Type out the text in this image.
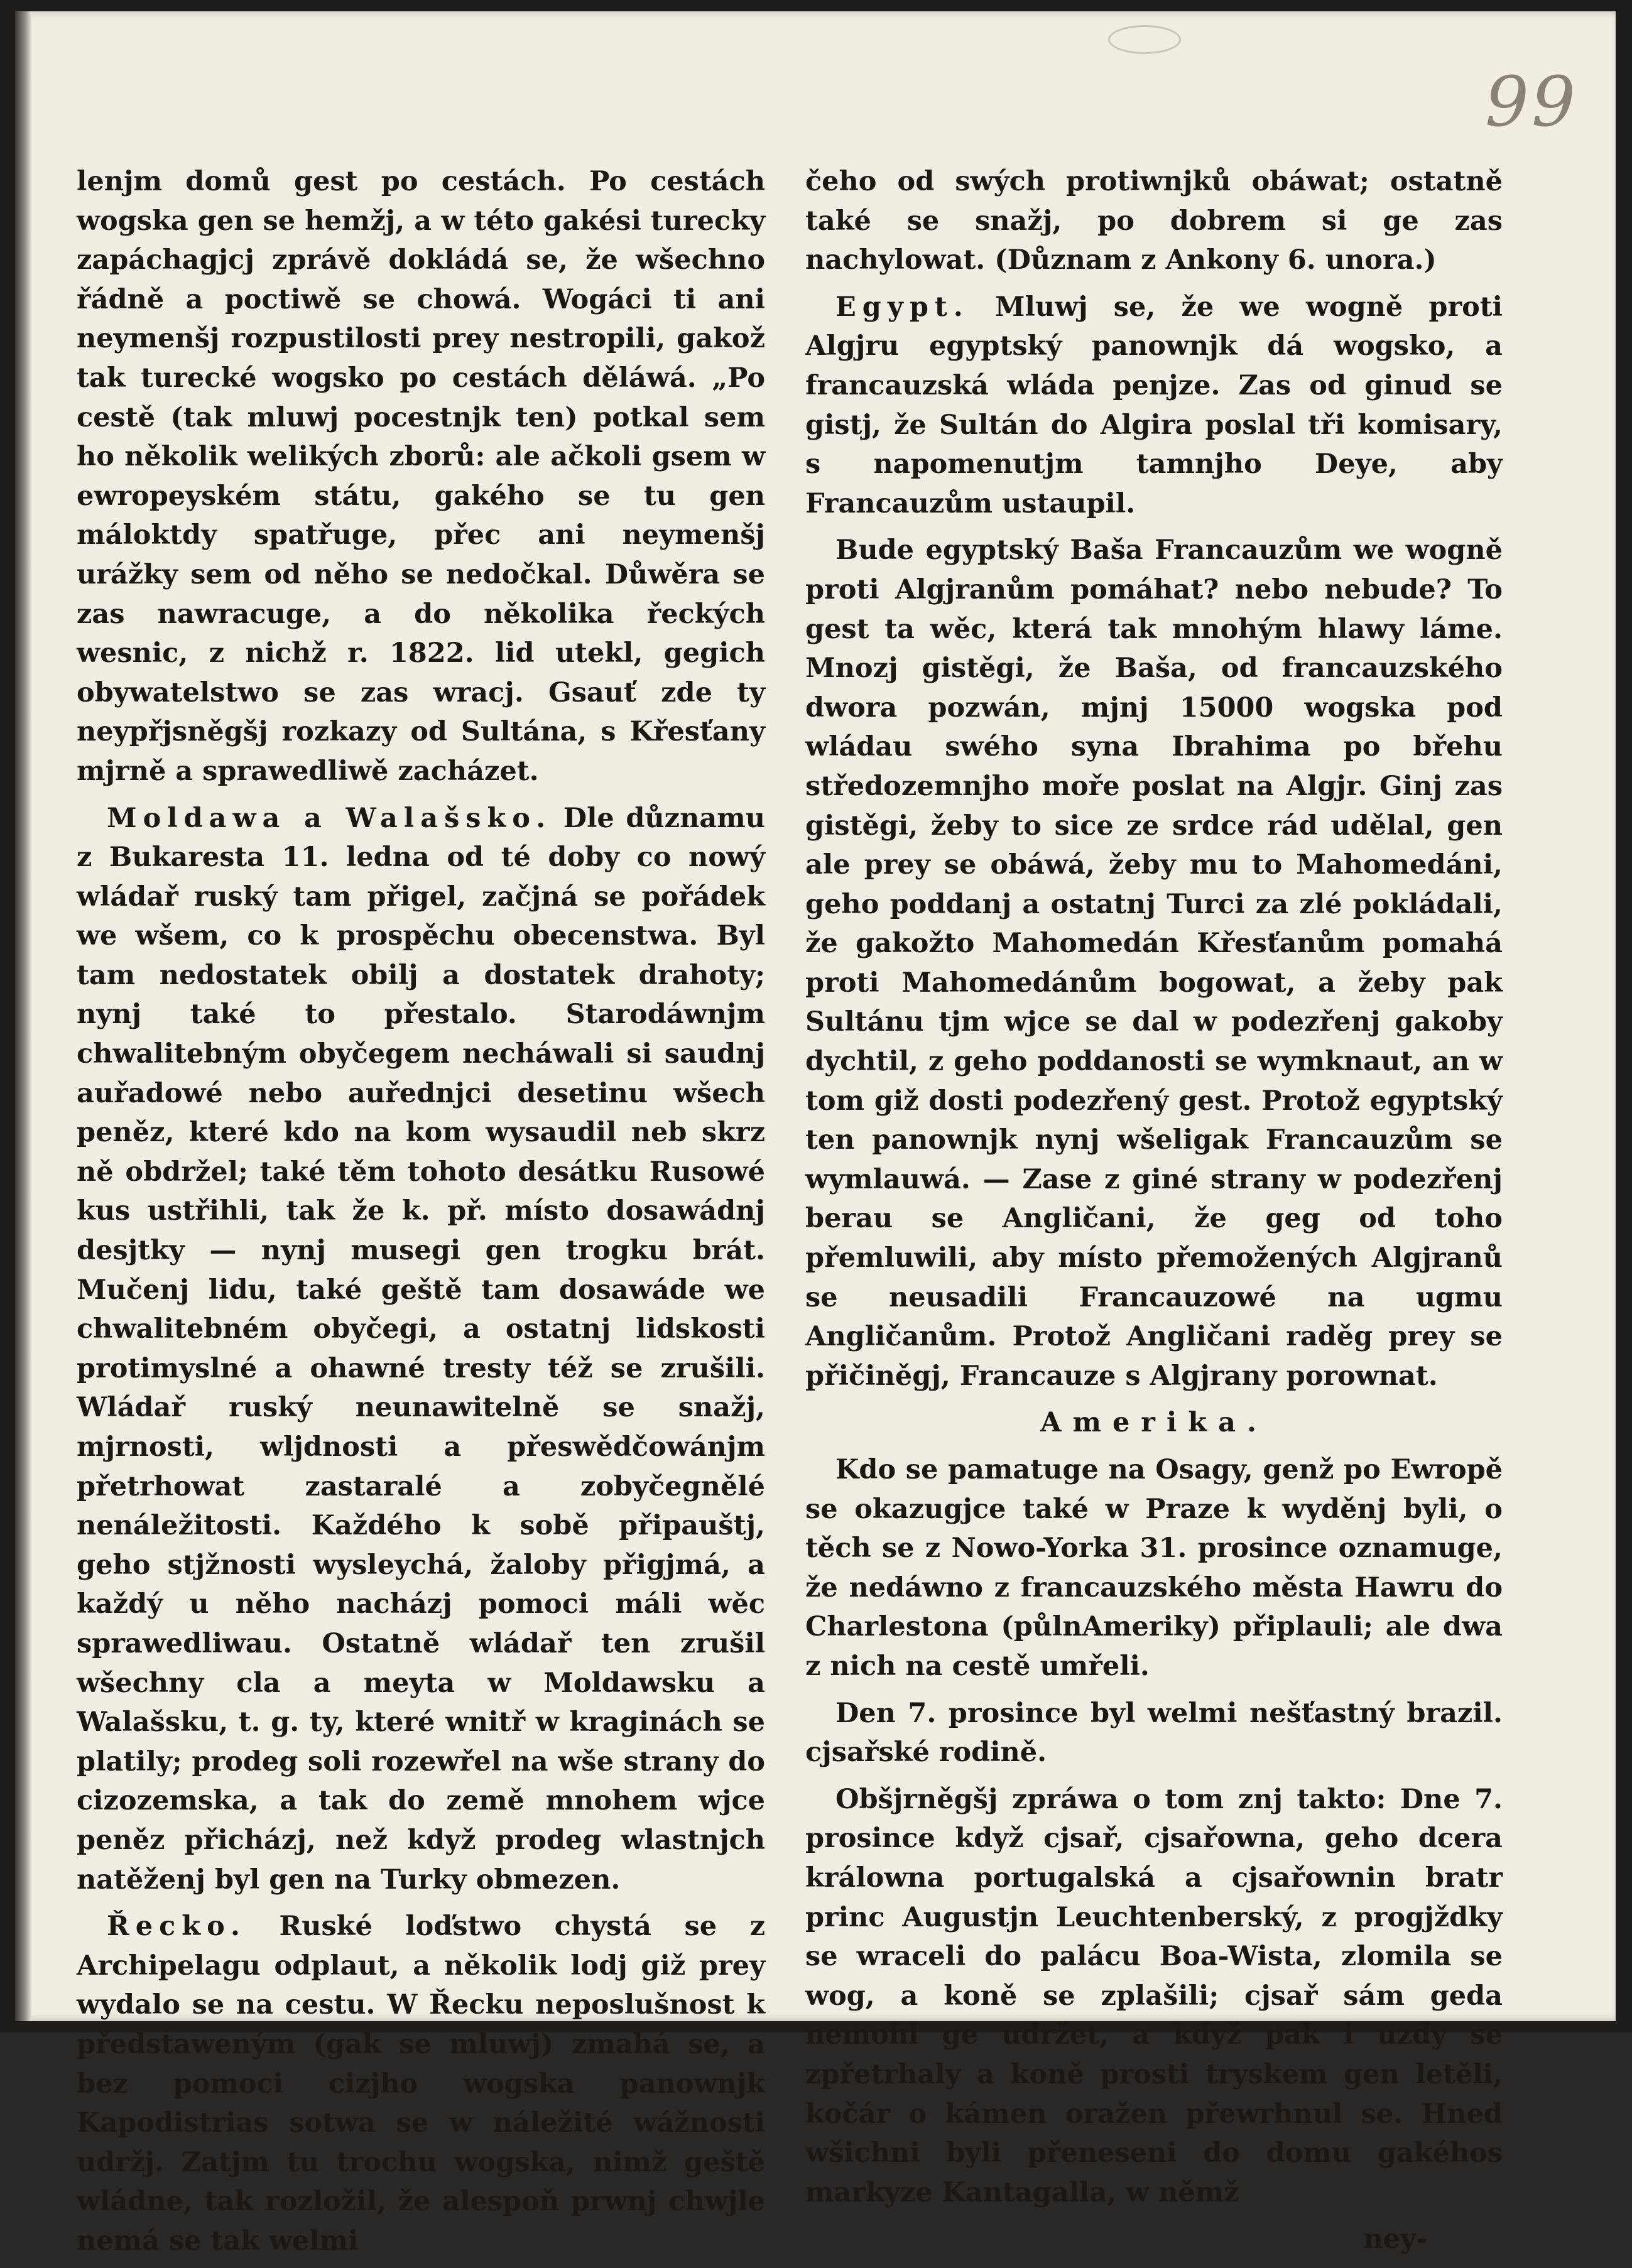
99

lenjm domů gest po cestách. Po cestách wogska gen se hemžj, a w této gakési turecky zapáchagjcj zprávě dokládá se, že wšechno řádně a poctiwě se chowá. Wogáci ti ani neymenšj rozpustilosti prey nestropili, gakož tak turecké wogsko po cestách děláwá. „Po cestě (tak mluwj pocestnjk ten) potkal sem ho několik welikých zborů: ale ačkoli gsem w ewropeyském státu, gakého se tu gen máloktdy spatřuge, přec ani neymenšj urážky sem od něho se nedočkal. Důwěra se zas nawracuge, a do několika řeckých wesnic, z nichž r. 1822. lid utekl, gegich obywatelstwo se zas wracj. Gsauť zde ty neypřjsněgšj rozkazy od Sultána, s Křesťany mjrně a sprawedliwě zacházet.

Moldawa a Walašsko. Dle důznamu z Bukaresta 11. ledna od té doby co nowý wládař ruský tam přigel, začjná se pořádek we wšem, co k prospěchu obecenstwa. Byl tam nedostatek obilj a dostatek drahoty; nynj také to přestalo. Starodáwnjm chwalitebným obyčegem necháwali si saudnj auřadowé nebo auřednjci desetinu wšech peněz, které kdo na kom wysaudil neb skrz ně obdržel; také těm tohoto desátku Rusowé kus ustřihli, tak že k. př. místo dosawádnj desjtky — nynj musegi gen trogku brát. Mučenj lidu, také geště tam dosawáde we chwalitebném obyčegi, a ostatnj lidskosti protimyslné a ohawné tresty též se zrušili. Wládař ruský neunawitelně se snažj, mjrnosti, wljdnosti a přeswědčowánjm přetrhowat zastaralé a zobyčegnělé nenáležitosti. Každého k sobě připauštj, geho stjžnosti wysleychá, žaloby přigjmá, a každý u něho nacházj pomoci máli wěc sprawedliwau. Ostatně wládař ten zrušil wšechny cla a meyta w Moldawsku a Walašsku, t. g. ty, které wnitř w kraginách se platily; prodeg soli rozewřel na wše strany do cizozemska, a tak do země mnohem wjce peněz přicházj, než když prodeg wlastnjch natěženj byl gen na Turky obmezen.

Řecko. Ruské loďstwo chystá se z Archipelagu odplaut, a několik lodj giž prey wydalo se na cestu. W Řecku neposlušnost k předstaweným (gak se mluwj) zmahá se, a bez pomoci cizjho wogska panownjk Kapodistrias sotwa se w náležité wážnosti udržj. Zatjm tu trochu wogska, nimž geště wládne, tak rozložil, že alespoň prwnj chwjle nemá se tak welmi

čeho od swých protiwnjků obáwat; ostatně také se snažj, po dobrem si ge zas nachylowat. (Důznam z Ankony 6. unora.)

Egypt. Mluwj se, že we wogně proti Algjru egyptský panownjk dá wogsko, a francauzská wláda penjze. Zas od ginud se gistj, že Sultán do Algira poslal tři komisary, s napomenutjm tamnjho Deye, aby Francauzům ustaupil.

Bude egyptský Baša Francauzům we wogně proti Algjranům pomáhat? nebo nebude? To gest ta wěc, která tak mnohým hlawy láme. Mnozj gistěgi, že Baša, od francauzského dwora pozwán, mjnj 15000 wogska pod wládau swého syna Ibrahima po břehu středozemnjho moře poslat na Algjr. Ginj zas gistěgi, žeby to sice ze srdce rád udělal, gen ale prey se obáwá, žeby mu to Mahomedáni, geho poddanj a ostatnj Turci za zlé pokládali, že gakožto Mahomedán Křesťanům pomahá proti Mahomedánům bogowat, a žeby pak Sultánu tjm wjce se dal w podezřenj gakoby dychtil, z geho poddanosti se wymknaut, an w tom giž dosti podezřený gest. Protož egyptský ten panownjk nynj wšeligak Francauzům se wymlauwá. — Zase z giné strany w podezřenj berau se Angličani, že geg od toho přemluwili, aby místo přemožených Algjranů se neusadili Francauzowé na ugmu Angličanům. Protož Angličani raděg prey se přičiněgj, Francauze s Algjrany porownat.

Amerika.

Kdo se pamatuge na Osagy, genž po Ewropě se okazugjce také w Praze k wyděnj byli, o těch se z Nowo-Yorka 31. prosince oznamuge, že nedáwno z francauzského města Hawru do Charlestona (půlnAmeriky) připlauli; ale dwa z nich na cestě umřeli.

Den 7. prosince byl welmi nešťastný brazil. cjsařské rodině.

Obšjrněgšj zpráwa o tom znj takto: Dne 7. prosince když cjsař, cjsařowna, geho dcera králowna portugalská a cjsařownin bratr princ Augustjn Leuchtenberský, z progjždky se wraceli do palácu Boa-Wista, zlomila se wog, a koně se zplašili; cjsař sám geda nemohl ge udržet, a když pak i uzdy se zpřetrhaly a koně prosti tryskem gen letěli, kočár o kámen oražen přewrhnul se. Hned wšichni byli přeneseni do domu gakéhos markyze Kantagalla, w němž

ney-
